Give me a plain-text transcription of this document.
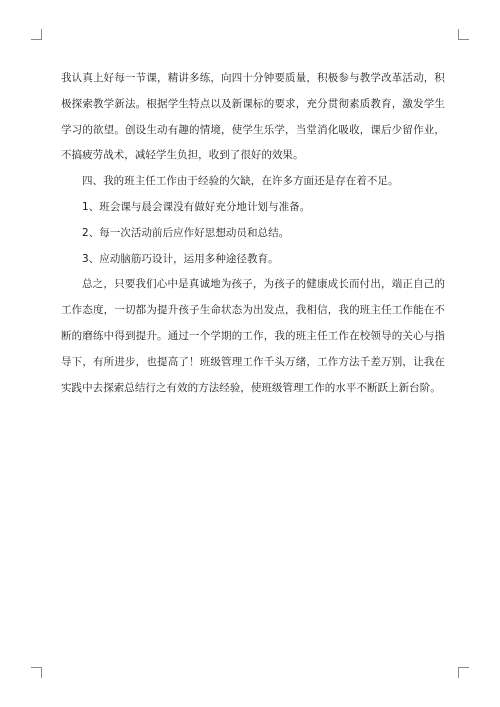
我认真上好每一节课，精讲多练，向四十分钟要质量，积极参与教学改革活动，积极探索教学新法。根据学生特点以及新课标的要求，充分贯彻素质教育，激发学生学习的欲望。创设生动有趣的情境，使学生乐学，当堂消化吸收，课后少留作业，不搞疲劳战术，减轻学生负担，收到了很好的效果。

四、我的班主任工作由于经验的欠缺，在许多方面还是存在着不足。

1、班会课与晨会课没有做好充分地计划与准备。

2、每一次活动前后应作好思想动员和总结。

3、应动脑筋巧设计，运用多种途径教育。

总之，只要我们心中是真诚地为孩子，为孩子的健康成长而付出，端正自己的工作态度，一切都为提升孩子生命状态为出发点，我相信，我的班主任工作能在不断的磨练中得到提升。通过一个学期的工作，我的班主任工作在校领导的关心与指导下，有所进步，也提高了！班级管理工作千头万绪，工作方法千差万别，让我在实践中去探索总结行之有效的方法经验，使班级管理工作的水平不断跃上新台阶。
